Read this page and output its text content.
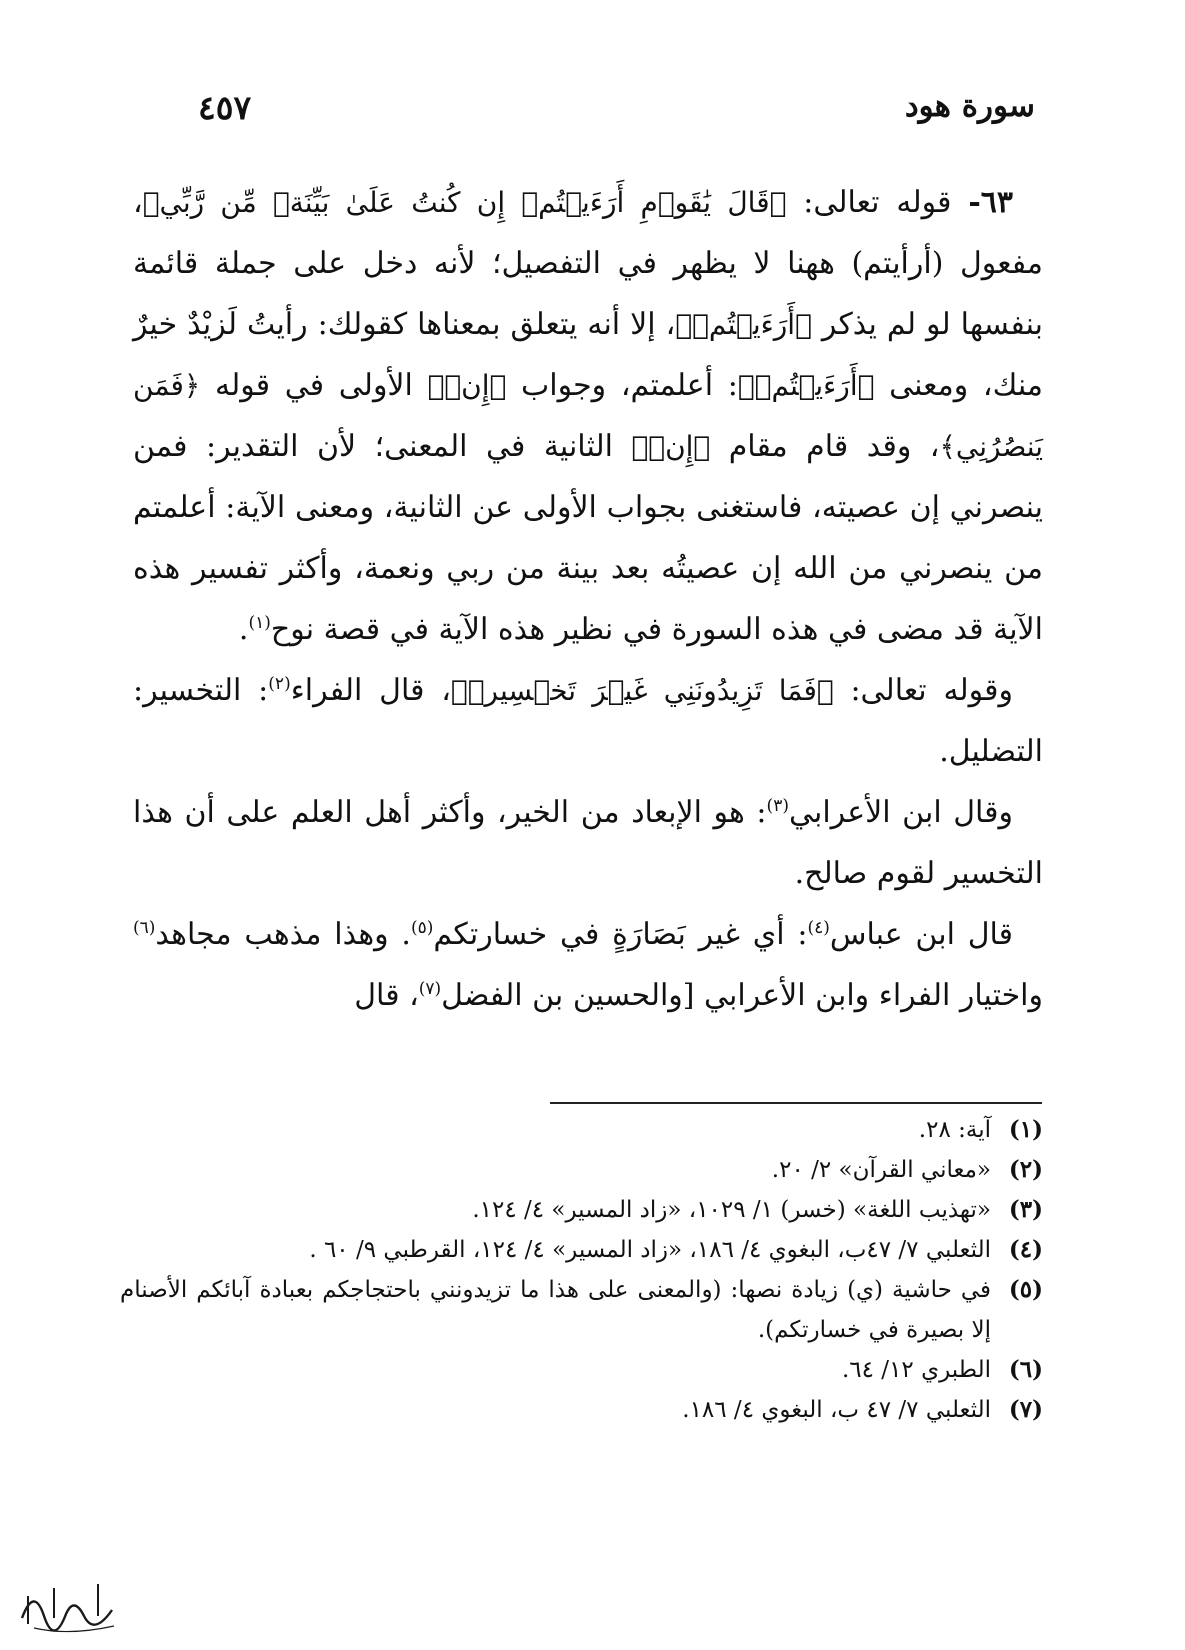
سورة هود
٤٥٧

٦٣- قوله تعالى: ﴿قَالَ يَٰقَوۡمِ أَرَءَيۡتُمۡ إِن كُنتُ عَلَىٰ بَيِّنَةٖ مِّن رَّبِّي﴾، مفعول (أرأيتم) ههنا لا يظهر في التفصيل؛ لأنه دخل على جملة قائمة بنفسها لو لم يذكر ﴿أَرَءَيۡتُمۡ﴾، إلا أنه يتعلق بمعناها كقولك: رأيتُ لَزيْدٌ خيرٌ منك، ومعنى ﴿أَرَءَيۡتُمۡ﴾: أعلمتم، وجواب ﴿إِنۡ﴾ الأولى في قوله ﴿فَمَن يَنصُرُنِي﴾، وقد قام مقام ﴿إِنۡ﴾ الثانية في المعنى؛ لأن التقدير: فمن ينصرني إن عصيته، فاستغنى بجواب الأولى عن الثانية، ومعنى الآية: أعلمتم من ينصرني من الله إن عصيتُه بعد بينة من ربي ونعمة، وأكثر تفسير هذه الآية قد مضى في هذه السورة في نظير هذه الآية في قصة نوح$^{(١)}$.

وقوله تعالى: ﴿فَمَا تَزِيدُونَنِي غَيۡرَ تَخۡسِيرٖ﴾، قال الفراء$^{(٢)}$: التخسير: التضليل.

وقال ابن الأعرابي$^{(٣)}$: هو الإبعاد من الخير، وأكثر أهل العلم على أن هذا التخسير لقوم صالح.

قال ابن عباس$^{(٤)}$: أي غير بَصَارَةٍ في خسارتكم$^{(٥)}$. وهذا مذهب مجاهد$^{(٦)}$ واختيار الفراء وابن الأعرابي [والحسين بن الفضل$^{(٧)}$، قال

(١)
آية: ٢٨.
(٢)
«معاني القرآن» ٢/ ٢٠.
(٣)
«تهذيب اللغة» (خسر) ١/ ١٠٢٩، «زاد المسير» ٤/ ١٢٤.
(٤)
الثعلبي ٧/ ٤٧ب، البغوي ٤/ ١٨٦، «زاد المسير» ٤/ ١٢٤، القرطبي ٩/ ٦٠ .
(٥)
في حاشية (ي) زيادة نصها: (والمعنى على هذا ما تزيدونني باحتجاجكم بعبادة آبائكم الأصنام إلا بصيرة في خسارتكم).
(٦)
الطبري ١٢/ ٦٤.
(٧)
الثعلبي ٧/ ٤٧ ب، البغوي ٤/ ١٨٦.
